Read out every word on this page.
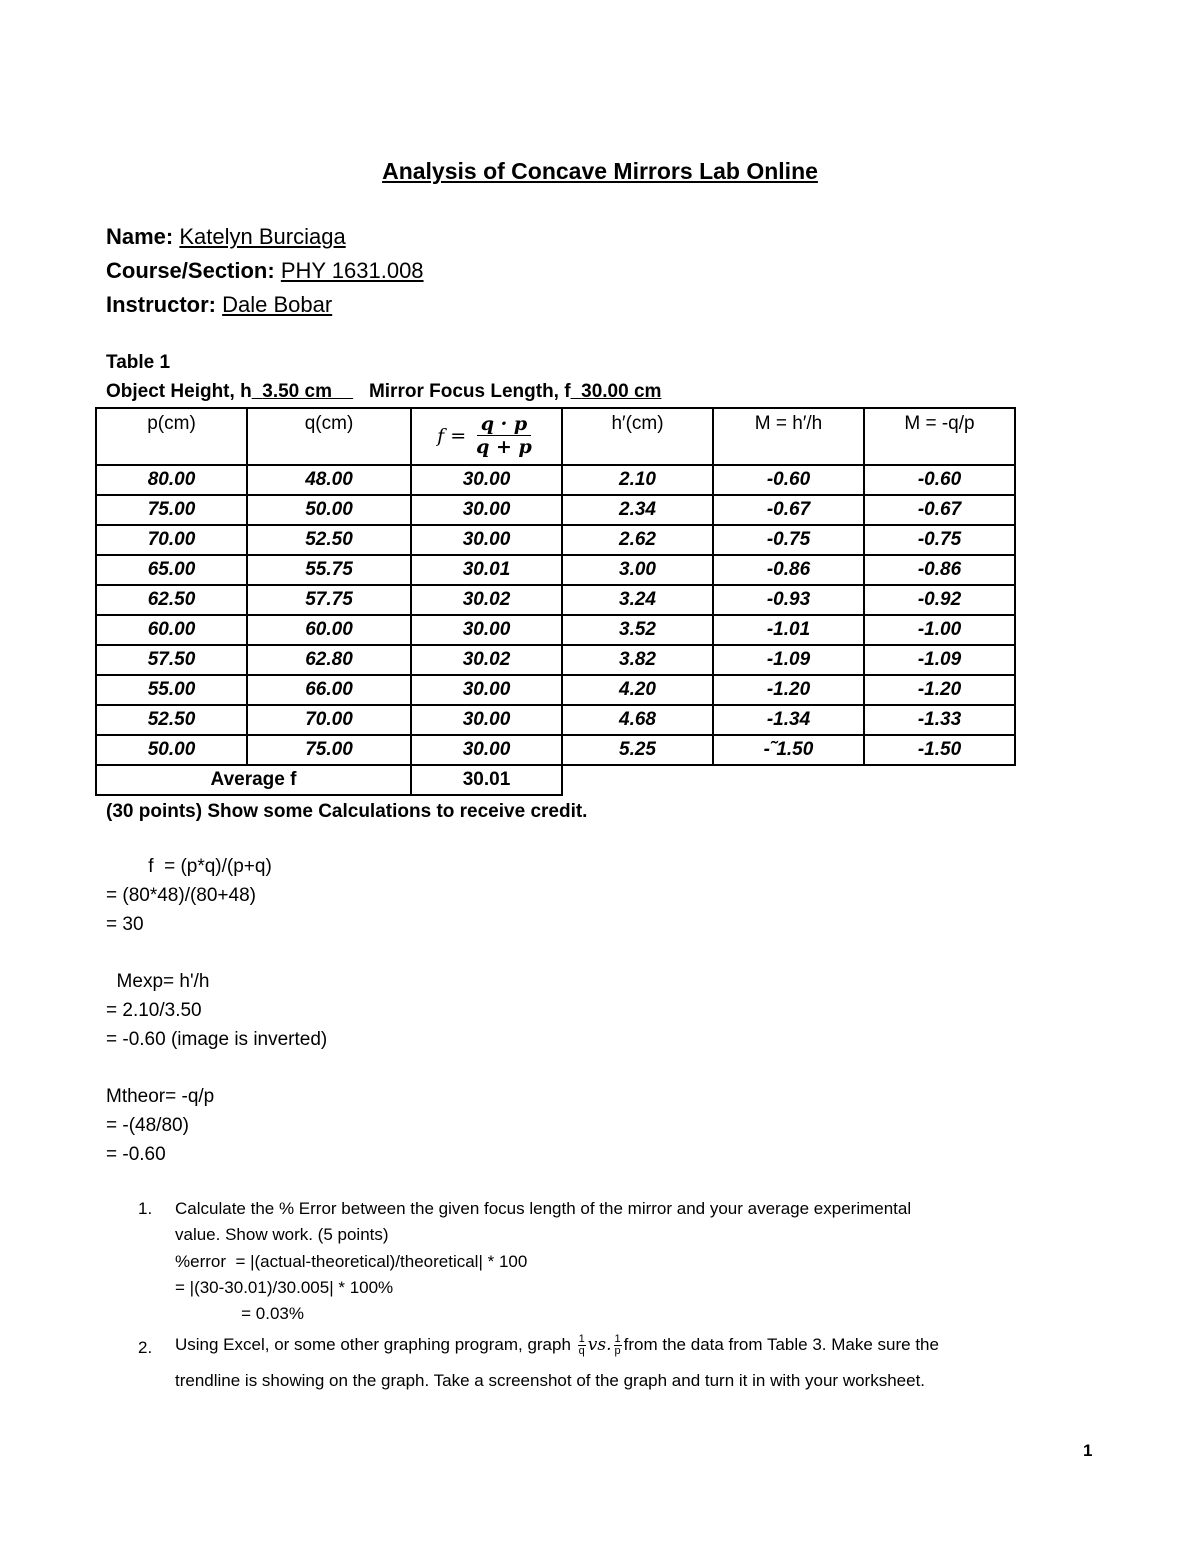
Analysis of Concave Mirrors Lab Online
Name: Katelyn Burciaga
Course/Section: PHY 1631.008
Instructor: Dale Bobar
Table 1
Object Height, h 3.50 cm Mirror Focus Length, f 30.00 cm
p(cm)	q(cm)	$f = \frac{q \cdot p}{q + p}$	h′(cm)	M = h′/h	M = -q/p
80.00	48.00	30.00	2.10	-0.60	-0.60
75.00	50.00	30.00	2.34	-0.67	-0.67
70.00	52.50	30.00	2.62	-0.75	-0.75
65.00	55.75	30.01	3.00	-0.86	-0.86
62.50	57.75	30.02	3.24	-0.93	-0.92
60.00	60.00	30.00	3.52	-1.01	-1.00
57.50	62.80	30.02	3.82	-1.09	-1.09
55.00	66.00	30.00	4.20	-1.20	-1.20
52.50	70.00	30.00	4.68	-1.34	-1.33
50.00	75.00	30.00	5.25	-˜1.50	-1.50
Average f		30.01			
(30 points) Show some Calculations to receive credit.
f  = (p*q)/(p+q)
= (80*48)/(80+48)
= 30
Mexp= h'/h
= 2.10/3.50
= -0.60 (image is inverted)
Mtheor= -q/p
= -(48/80)
= -0.60
1. Calculate the % Error between the given focus length of the mirror and your average experimental
value. Show work. (5 points)
%error  = |(actual-theoretical)/theoretical| * 100
= |(30-30.01)/30.005| * 100%
= 0.03%
2. Using Excel, or some other graphing program, graph $\frac{1}{q}$ vs. $\frac{1}{p}$ from the data from Table 3. Make sure the
trendline is showing on the graph. Take a screenshot of the graph and turn it in with your worksheet.
1
